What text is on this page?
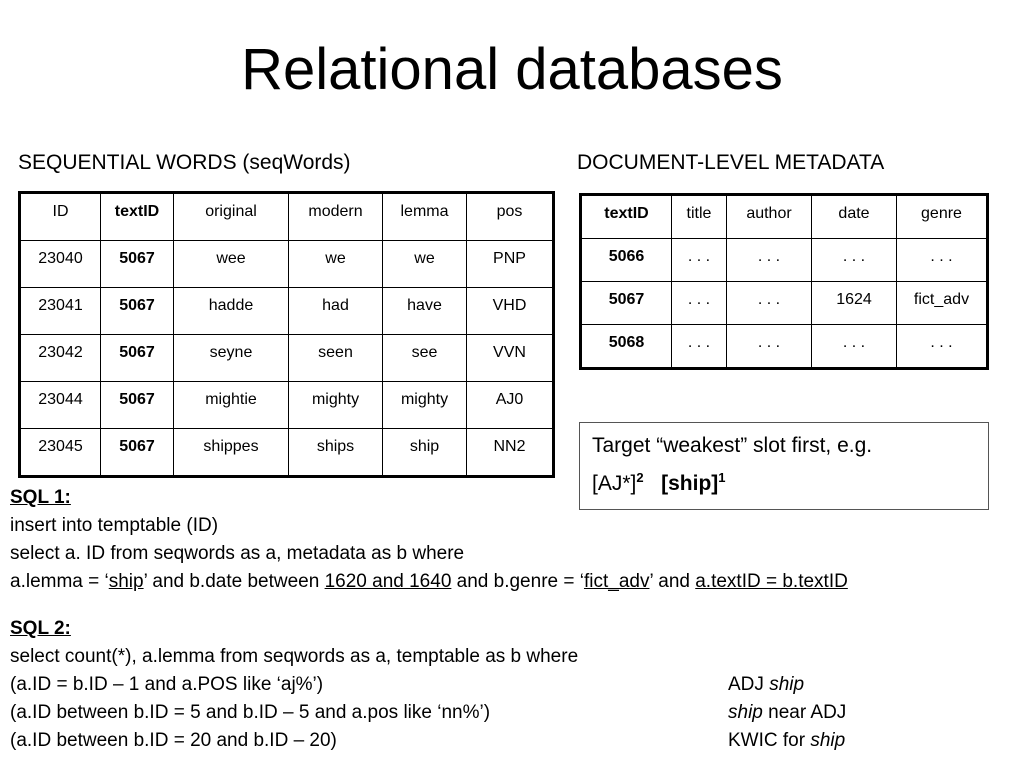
Relational databases
SEQUENTIAL WORDS (seqWords)	DOCUMENT-LEVEL METADATA
ID	textID	original	modern	lemma	pos
23040	5067	wee	we	we	PNP
23041	5067	hadde	had	have	VHD
23042	5067	seyne	seen	see	VVN
23044	5067	mightie	mighty	mighty	AJ0
23045	5067	shippes	ships	ship	NN2
textID	title	author	date	genre
5066	. . .	. . .	. . .	. . .
5067	. . .	. . .	1624	fict_adv
5068	. . .	. . .	. . .	. . .
Target “weakest” slot first, e.g.
$[AJ*]^2$ [ship]$^1$
SQL 1:
insert into temptable (ID)
select a. ID from seqwords as a, metadata as b where
a.lemma = ‘ship’ and b.date between 1620 and 1640 and b.genre = ‘fict_adv’ and a.textID = b.textID
SQL 2:
select count(*), a.lemma from seqwords as a, temptable as b where
(a.ID = b.ID – 1 and a.POS like ‘aj%’)
(a.ID between b.ID = 5 and b.ID – 5 and a.pos like ‘nn%’)
(a.ID between b.ID = 20 and b.ID – 20)
ADJ ship
ship near ADJ
KWIC for ship
